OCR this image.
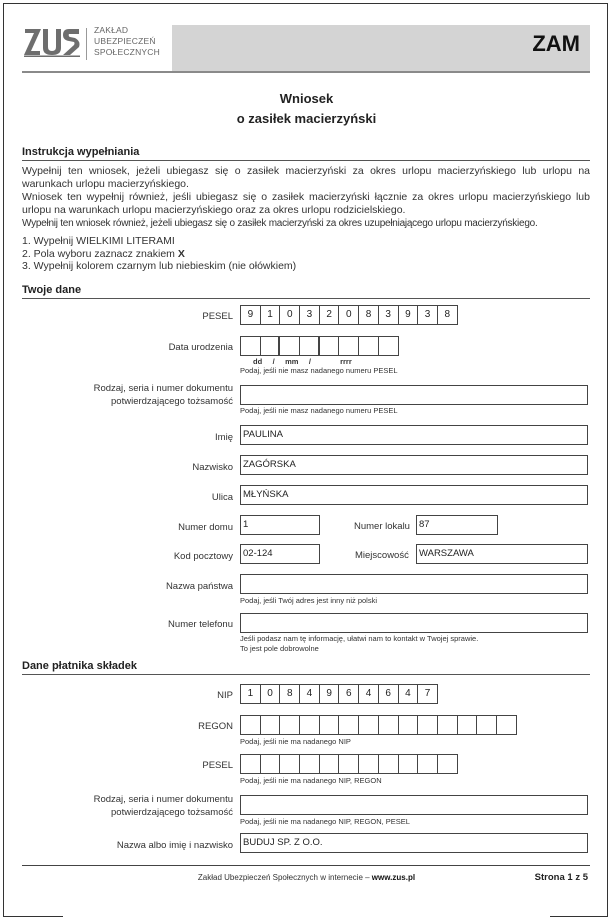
ZAKŁAD
UBEZPIECZEŃ
SPOŁECZNYCH	ZAM
Wniosek
o zasiłek macierzyński
Instrukcja wypełniania

Wypełnij ten wniosek, jeżeli ubiegasz się o zasiłek macierzyński za okres urlopu macierzyńskiego lub urlopu na warunkach urlopu macierzyńskiego.

Wniosek ten wypełnij również, jeśli ubiegasz się o zasiłek macierzyński łącznie za okres urlopu macierzyńskiego lub urlopu na warunkach urlopu macierzyńskiego oraz za okres urlopu rodzicielskiego.

Wypełnij ten wniosek również, jeżeli ubiegasz się o zasiłek macierzyński za okres uzupełniającego urlopu macierzyńskiego.

1. Wypełnij WIELKIMI LITERAMI
2. Pola wyboru zaznacz znakiem X
3. Wypełnij kolorem czarnym lub niebieskim (nie ołówkiem)
Twoje dane
PESEL	9	1	0	3	2	0	8	3	9	3	8
Data urodzenia
dd     /     mm     /              rrrr
Podaj, jeśli nie masz nadanego numeru PESEL
Rodzaj, seria i numer dokumentu
potwierdzającego tożsamość
Podaj, jeśli nie masz nadanego numeru PESEL
Imię	PAULINA
Nazwisko	ZAGÓRSKA
Ulica	MŁYŃSKA
Numer domu	1	Numer lokalu 87
Kod pocztowy	02-124	Miejscowość	WARSZAWA
Nazwa państwa
Podaj, jeśli Twój adres jest inny niż polski
Numer telefonu
Jeśli podasz nam tę informację, ułatwi nam to kontakt w Twojej sprawie.
To jest pole dobrowolne
Dane płatnika składek
NIP	1	0	8	4	9	6	4	6	4	7
REGON
Podaj, jeśli nie ma nadanego NIP
PESEL
Podaj, jeśli nie ma nadanego NIP, REGON
Rodzaj, seria i numer dokumentu
potwierdzającego tożsamość
Podaj, jeśli nie ma nadanego NIP, REGON, PESEL
Nazwa albo imię i nazwisko	BUDUJ SP. Z O.O.
Zakład Ubezpieczeń Społecznych w internecie – www.zus.pl	Strona 1 z 5
